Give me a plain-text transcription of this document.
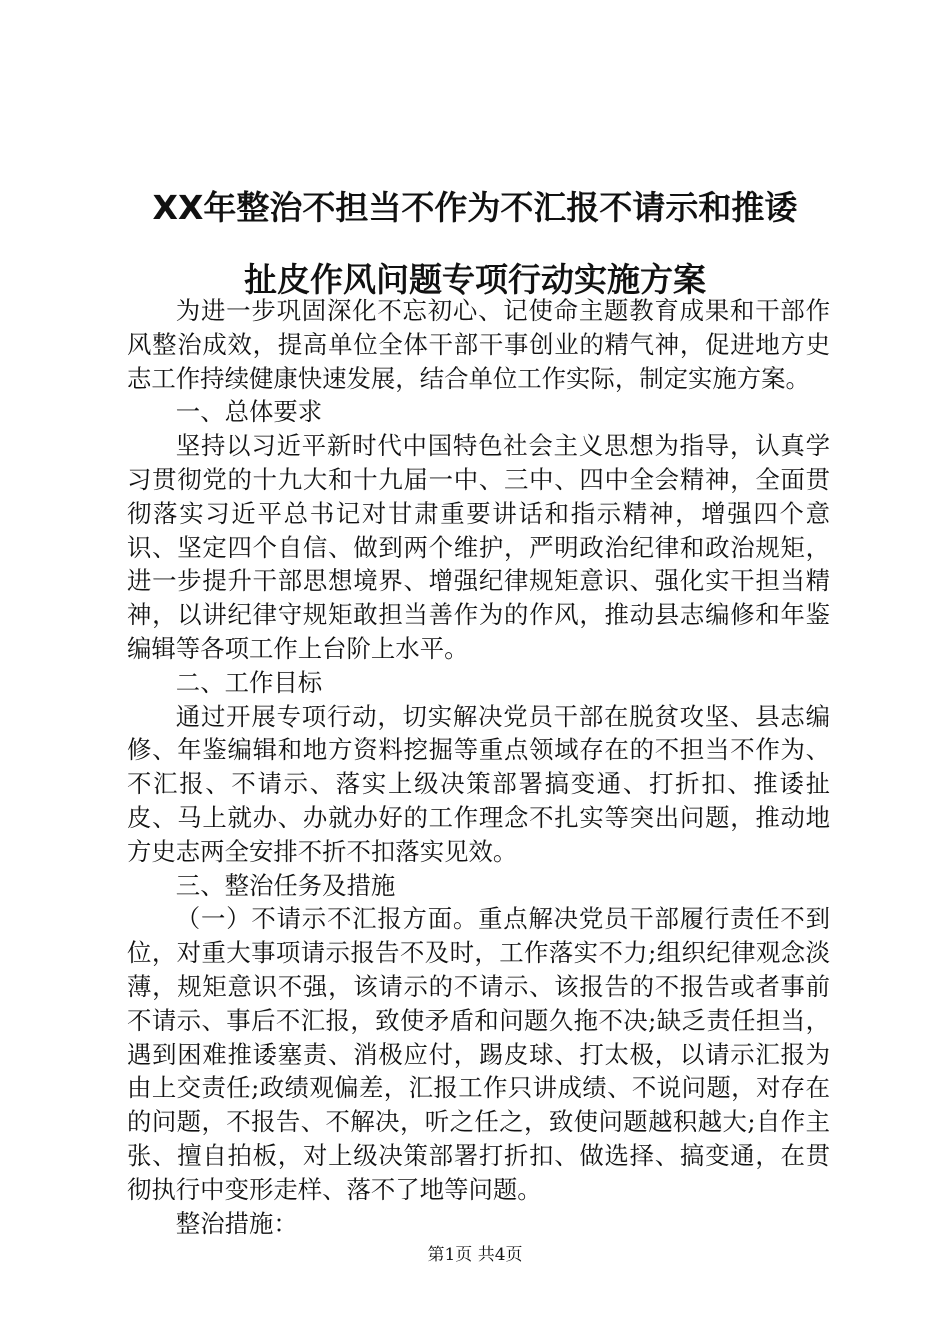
XX年整治不担当不作为不汇报不请示和推诿
扯皮作风问题专项行动实施方案

为进一步巩固深化不忘初心、记使命主题教育成果和干部作风整治成效，提高单位全体干部干事创业的精气神，促进地方史志工作持续健康快速发展，结合单位工作实际，制定实施方案。

一、总体要求

坚持以习近平新时代中国特色社会主义思想为指导，认真学习贯彻党的十九大和十九届一中、三中、四中全会精神，全面贯彻落实习近平总书记对甘肃重要讲话和指示精神，增强四个意识、坚定四个自信、做到两个维护，严明政治纪律和政治规矩，进一步提升干部思想境界、增强纪律规矩意识、强化实干担当精神，以讲纪律守规矩敢担当善作为的作风，推动县志编修和年鉴编辑等各项工作上台阶上水平。

二、工作目标

通过开展专项行动，切实解决党员干部在脱贫攻坚、县志编修、年鉴编辑和地方资料挖掘等重点领域存在的不担当不作为、不汇报、不请示、落实上级决策部署搞变通、打折扣、推诿扯皮、马上就办、办就办好的工作理念不扎实等突出问题，推动地方史志两全安排不折不扣落实见效。

三、整治任务及措施

（一）不请示不汇报方面。重点解决党员干部履行责任不到位，对重大事项请示报告不及时，工作落实不力;组织纪律观念淡薄，规矩意识不强，该请示的不请示、该报告的不报告或者事前不请示、事后不汇报，致使矛盾和问题久拖不决;缺乏责任担当，遇到困难推诿塞责、消极应付，踢皮球、打太极，以请示汇报为由上交责任;政绩观偏差，汇报工作只讲成绩、不说问题，对存在的问题，不报告、不解决，听之任之，致使问题越积越大;自作主张、擅自拍板，对上级决策部署打折扣、做选择、搞变通，在贯彻执行中变形走样、落不了地等问题。

整治措施：

第1页 共4页
